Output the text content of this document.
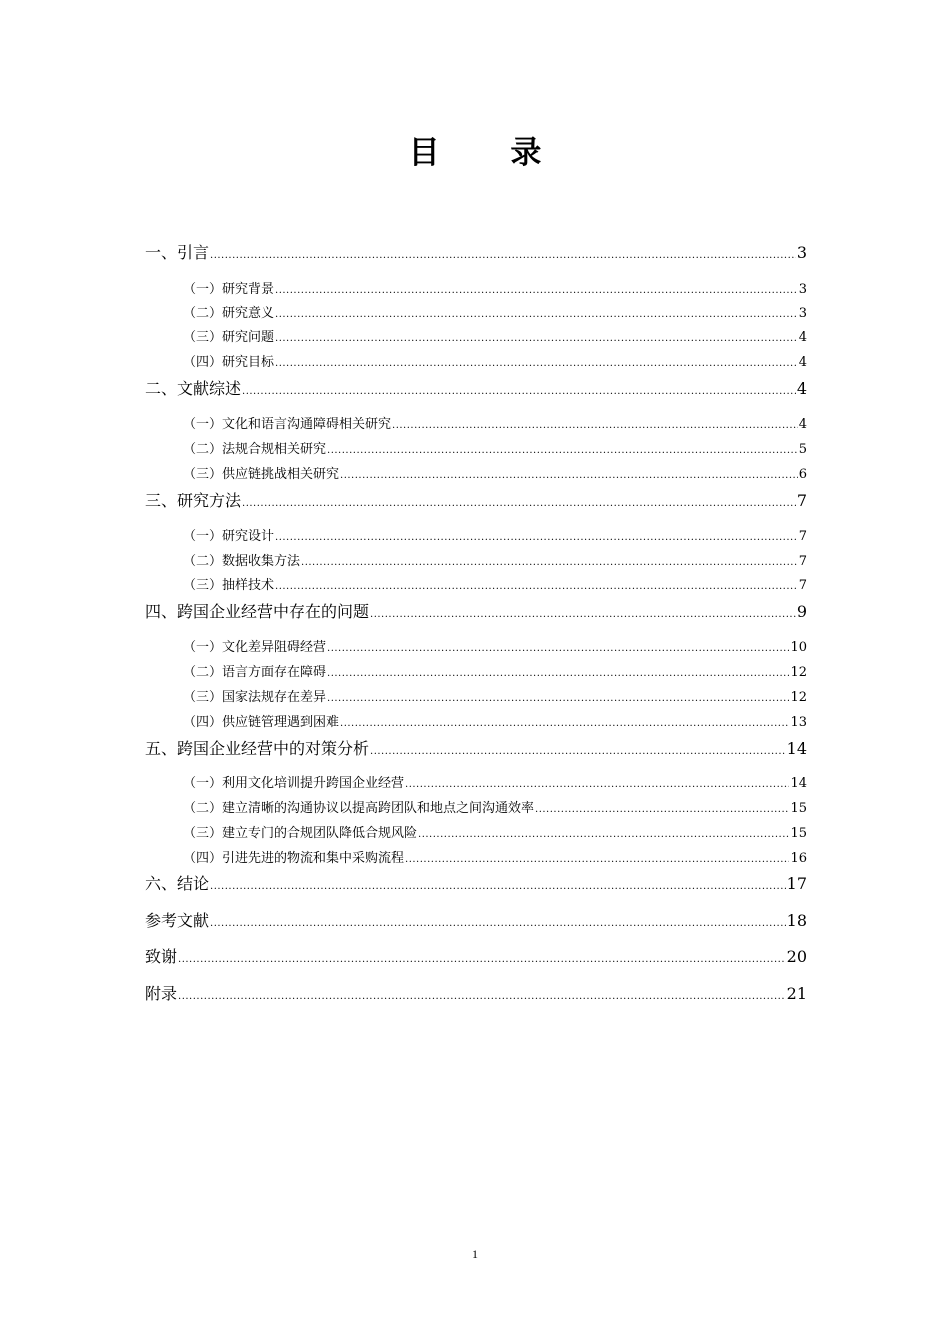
目 录
一、引言 .....	3
（一）研究背景 .....	3
（二）研究意义 .....	3
（三）研究问题 .....	4
（四）研究目标 .....	4
二、文献综述 .....	4
（一）文化和语言沟通障碍相关研究 .....	4
（二）法规合规相关研究 .....	5
（三）供应链挑战相关研究 .....	6
三、研究方法 .....	7
（一）研究设计 .....	7
（二）数据收集方法 .....	7
（三）抽样技术 .....	7
四、跨国企业经营中存在的问题 .....	9
（一）文化差异阻碍经营 .....	10
（二）语言方面存在障碍 .....	12
（三）国家法规存在差异 .....	12
（四）供应链管理遇到困难 .....	13
五、跨国企业经营中的对策分析 .....	14
（一）利用文化培训提升跨国企业经营 .....	14
（二）建立清晰的沟通协议以提高跨团队和地点之间沟通效率 .....	15
（三）建立专门的合规团队降低合规风险 .....	15
（四）引进先进的物流和集中采购流程 .....	16
六、结论 .....	17
参考文献 .....	18
致谢 .....	20
附录 .....	21
1
